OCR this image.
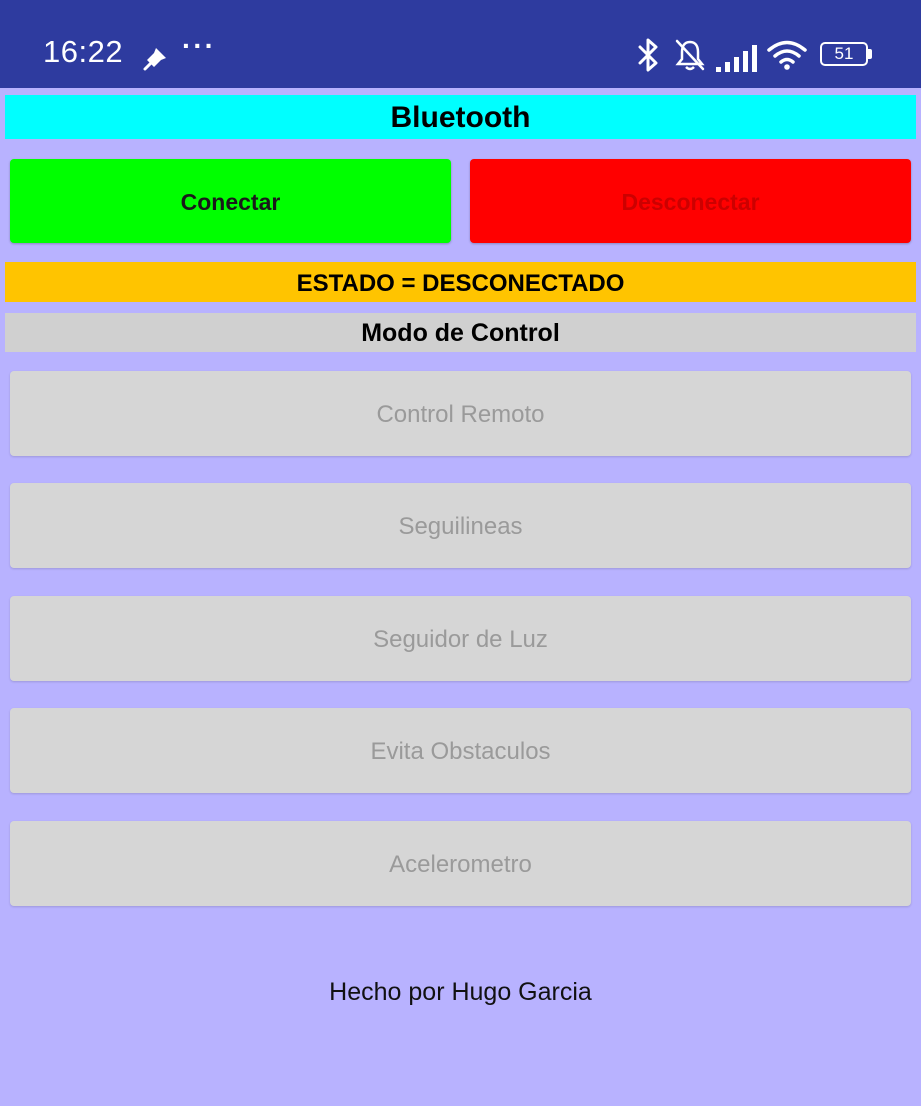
16:22 ···	51
Bluetooth
Conectar	Desconectar
ESTADO = DESCONECTADO
Modo de Control
Control Remoto
Seguilineas
Seguidor de Luz
Evita Obstaculos
Acelerometro
Hecho por Hugo Garcia
